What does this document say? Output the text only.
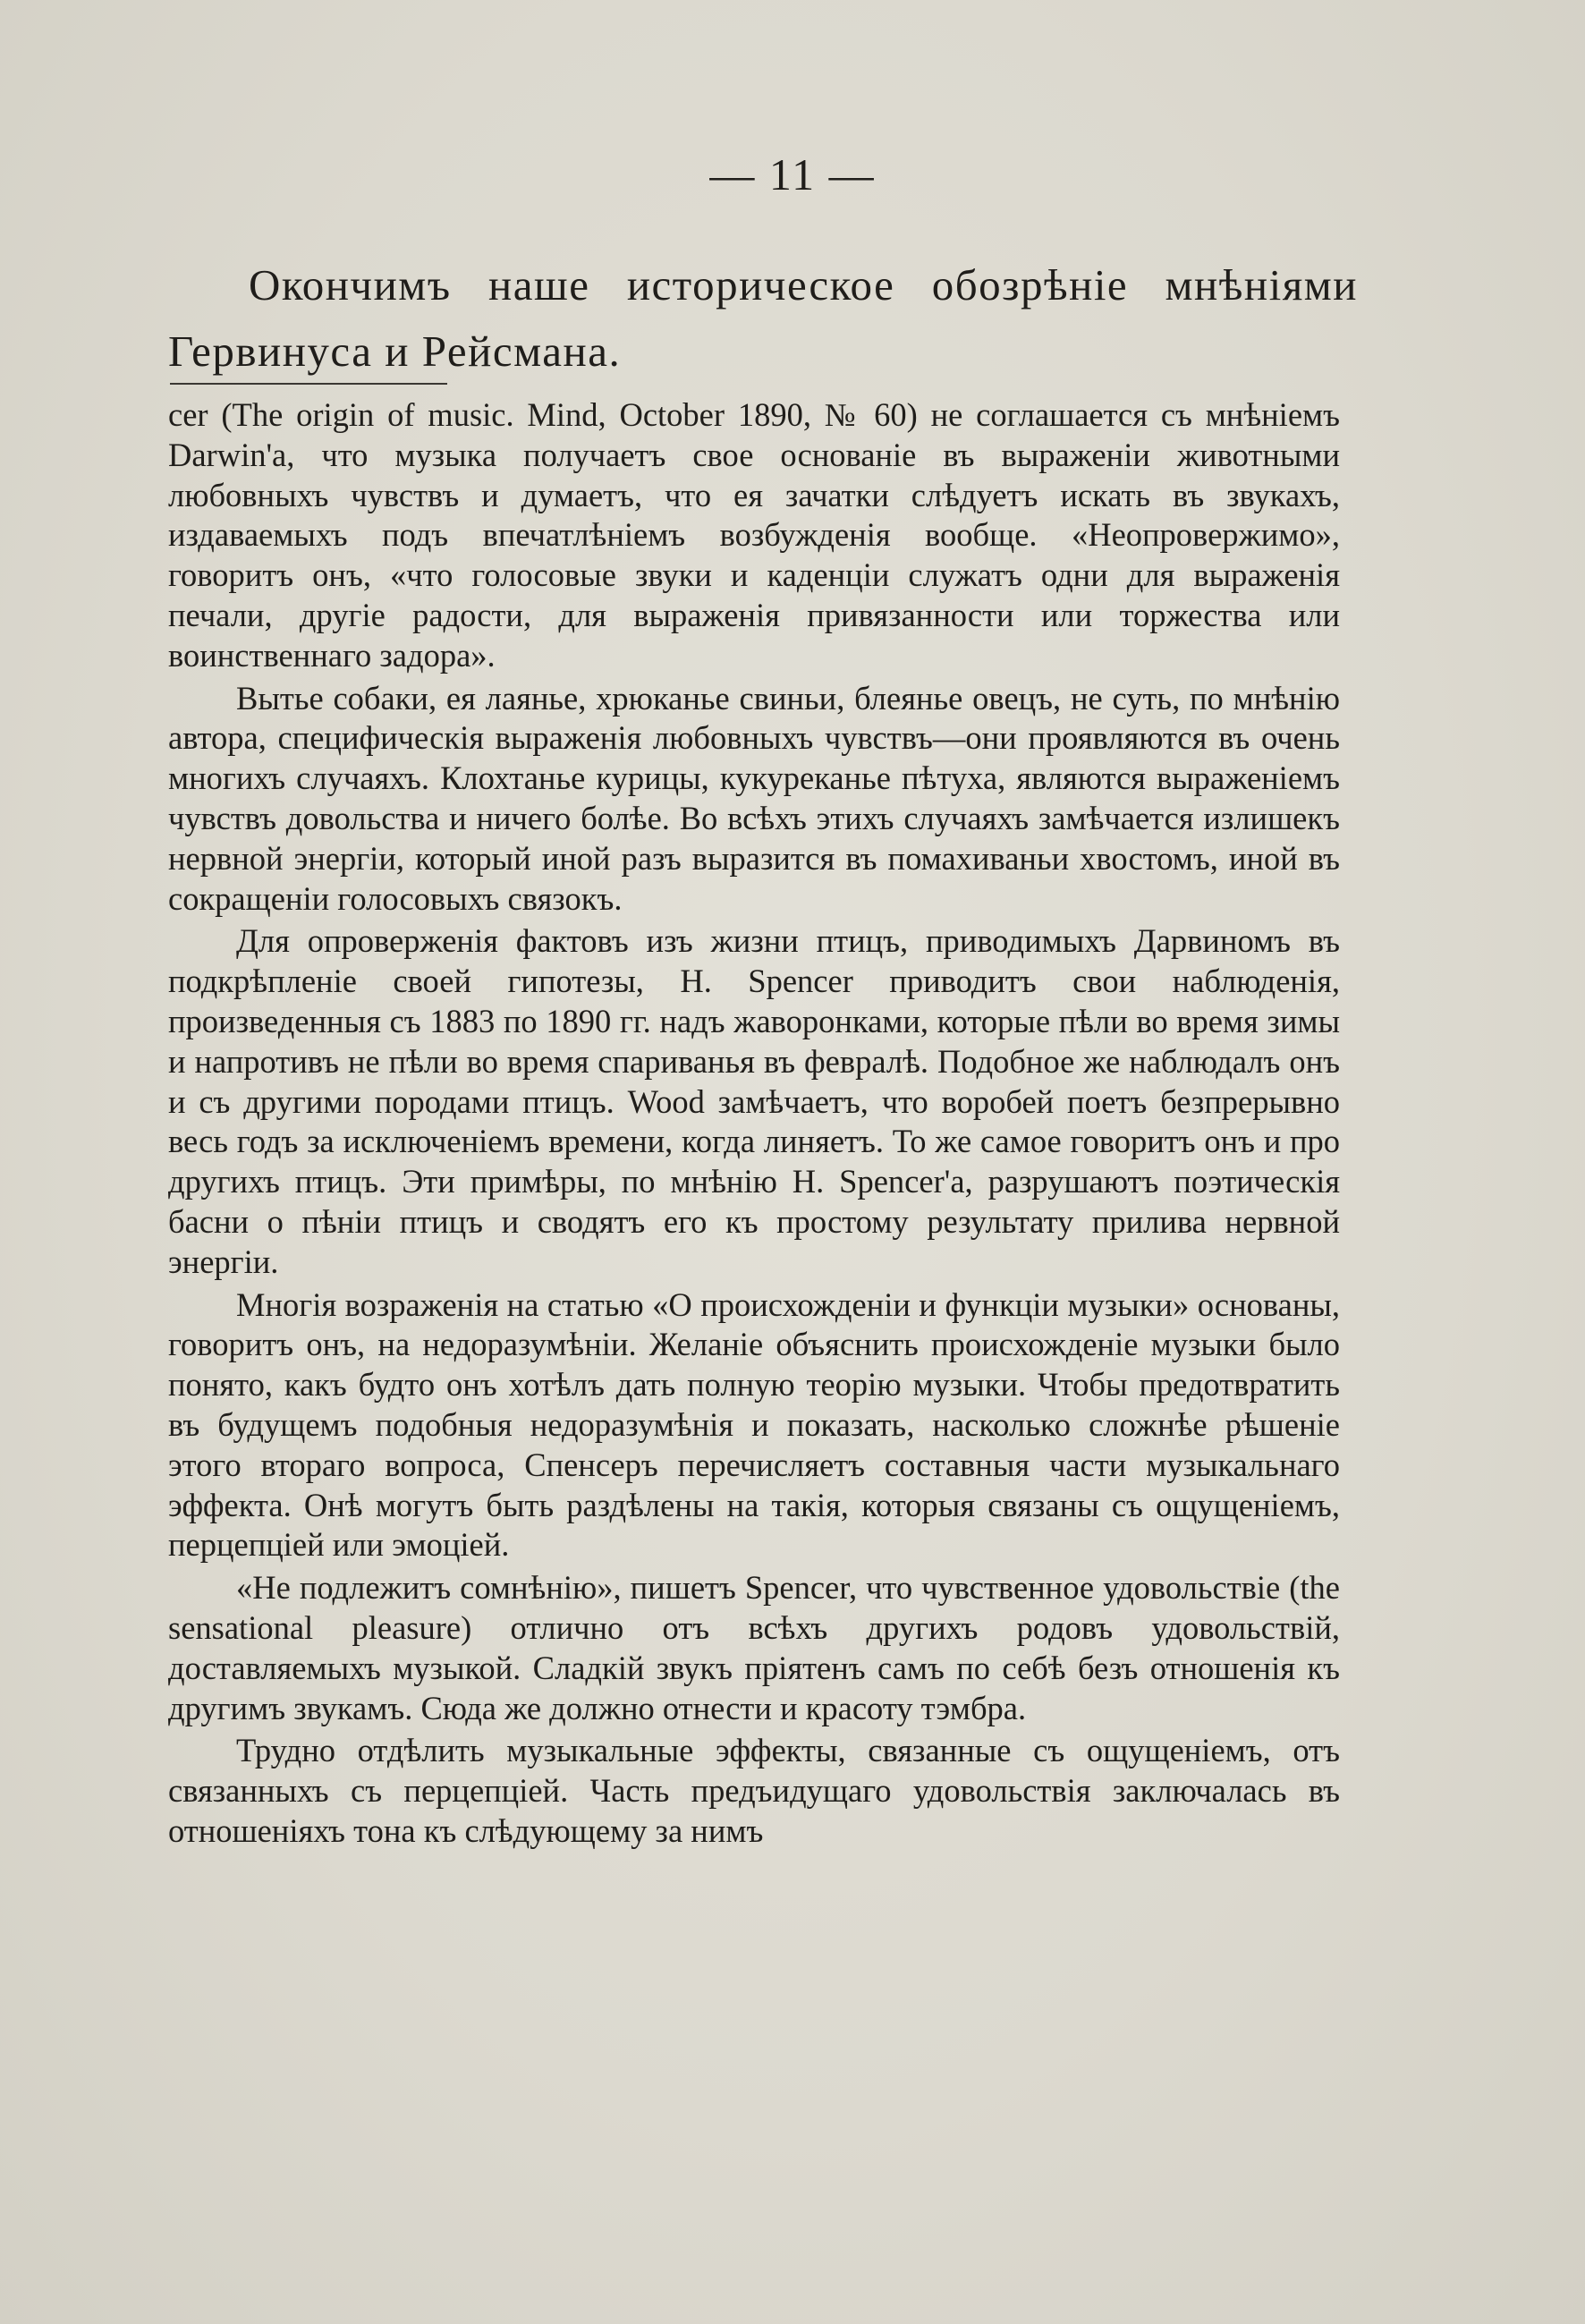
— 11 —
Окончимъ наше историческое обозрѣніе мнѣніями
Гервинуса и Рейсмана.

cer (The origin of music. Mind, October 1890, № 60) не соглашается съ мнѣніемъ Darwin'a, что музыка получаетъ свое основаніе въ выраженіи животными любовныхъ чувствъ и думаетъ, что ея зачатки слѣдуетъ искать въ звукахъ, издаваемыхъ подъ впечатлѣніемъ возбужденія вообще. «Неопровержимо», говоритъ онъ, «что голосовые звуки и каденціи служатъ одни для выраженія печали, другіе радости, для выраженія привязанности или торжества или воинственнаго задора».

Вытье собаки, ея лаянье, хрюканье свиньи, блеянье овецъ, не суть, по мнѣнію автора, специфическія выраженія любовныхъ чувствъ—они проявляются въ очень многихъ случаяхъ. Клохтанье курицы, кукуреканье пѣтуха, являются выраженіемъ чувствъ довольства и ничего болѣе. Во всѣхъ этихъ случаяхъ замѣчается излишекъ нервной энергіи, который иной разъ выразится въ помахиваньи хвостомъ, иной въ сокращеніи голосовыхъ связокъ.

Для опроверженія фактовъ изъ жизни птицъ, приводимыхъ Дарвиномъ въ подкрѣпленіе своей гипотезы, H. Spencer приводитъ свои наблюденія, произведенныя съ 1883 по 1890 гг. надъ жаворонками, которые пѣли во время зимы и напротивъ не пѣли во время спариванья въ февралѣ. Подобное же наблюдалъ онъ и съ другими породами птицъ. Wood замѣчаетъ, что воробей поетъ безпрерывно весь годъ за исключеніемъ времени, когда линяетъ. То же самое говоритъ онъ и про другихъ птицъ. Эти примѣры, по мнѣнію H. Spencer'a, разрушаютъ поэтическія басни о пѣніи птицъ и сводятъ его къ простому результату прилива нервной энергіи.

Многія возраженія на статью «О происхожденіи и функціи музыки» основаны, говоритъ онъ, на недоразумѣніи. Желаніе объяснить происхожденіе музыки было понято, какъ будто онъ хотѣлъ дать полную теорію музыки. Чтобы предотвратить въ будущемъ подобныя недоразумѣнія и показать, насколько сложнѣе рѣшеніе этого втораго вопроса, Спенсеръ перечисляетъ составныя части музыкальнаго эффекта. Онѣ могутъ быть раздѣлены на такія, которыя связаны съ ощущеніемъ, перцепціей или эмоціей.

«Не подлежитъ сомнѣнію», пишетъ Spencer, что чувственное удовольствіе (the sensational pleasure) отлично отъ всѣхъ другихъ родовъ удовольствій, доставляемыхъ музыкой. Сладкій звукъ пріятенъ самъ по себѣ безъ отношенія къ другимъ звукамъ. Сюда же должно отнести и красоту тэмбра.

Трудно отдѣлить музыкальные эффекты, связанные съ ощущеніемъ, отъ связанныхъ съ перцепціей. Часть предъидущаго удовольствія заключалась въ отношеніяхъ тона къ слѣдующему за нимъ
